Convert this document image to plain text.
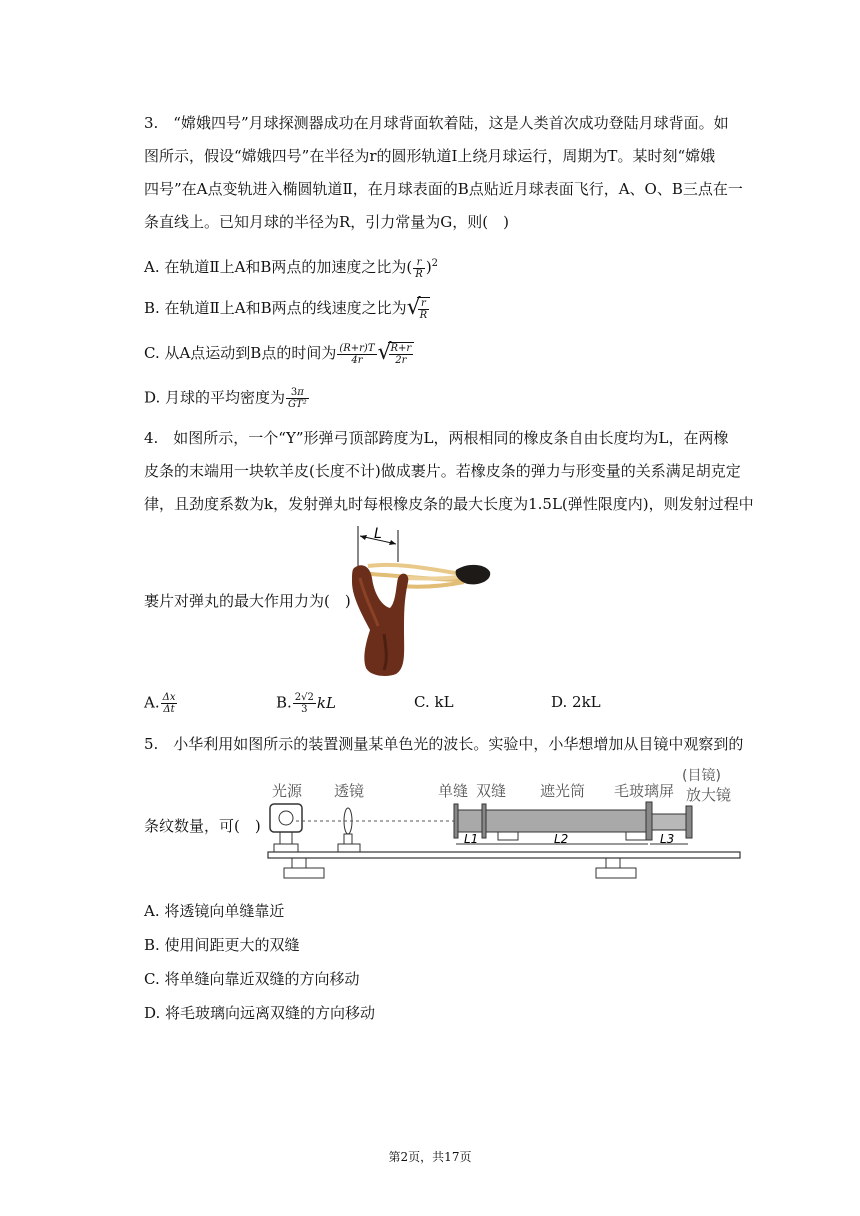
3.　“嫦娥四号”月球探测器成功在月球背面软着陆，这是人类首次成功登陆月球背面。如
图所示，假设“嫦娥四号”在半径为r的圆形轨道Ⅰ上绕月球运行，周期为T。某时刻“嫦娥
四号”在A点变轨进入椭圆轨道Ⅱ，在月球表面的B点贴近月球表面飞行，A、O、B三点在一
条直线上。已知月球的半径为R，引力常量为G，则(　)
A. 在轨道Ⅱ上A和B两点的加速度之比为( $\frac{r}{R} )^2$
B. 在轨道Ⅱ上A和B两点的线速度之比为 √
$\frac{r}{R}$
C. 从A点运动到B点的时间为 $\frac{(R+r)T}{4r}$ √
$\frac{R+r}{2r}$
D. 月球的平均密度为 $\frac{3\pi}{\text{GT²}}$
4.　如图所示，一个“Y”形弹弓顶部跨度为L，两根相同的橡皮条自由长度均为L，在两橡
皮条的末端用一块软羊皮(长度不计)做成裹片。若橡皮条的弹力与形变量的关系满足胡克定
律，且劲度系数为k，发射弹丸时每根橡皮条的最大长度为1.5L(弹性限度内)，则发射过程中
裹片对弹丸的最大作用力为(　)
L
A. $\frac{\Delta x}{\Delta t}$	B. $\frac{2√2}{3}$ kL	C. kL	D. 2kL
5.　小华利用如图所示的装置测量某单色光的波长。实验中，小华想增加从目镜中观察到的
条纹数量，可(　)
光源 透镜	单缝 双缝 遮光筒 毛玻璃屏
(目镜)
放大镜
L1	L2	L3
A. 将透镜向单缝靠近
B. 使用间距更大的双缝
C. 将单缝向靠近双缝的方向移动
D. 将毛玻璃向远离双缝的方向移动
第2页，共17页
